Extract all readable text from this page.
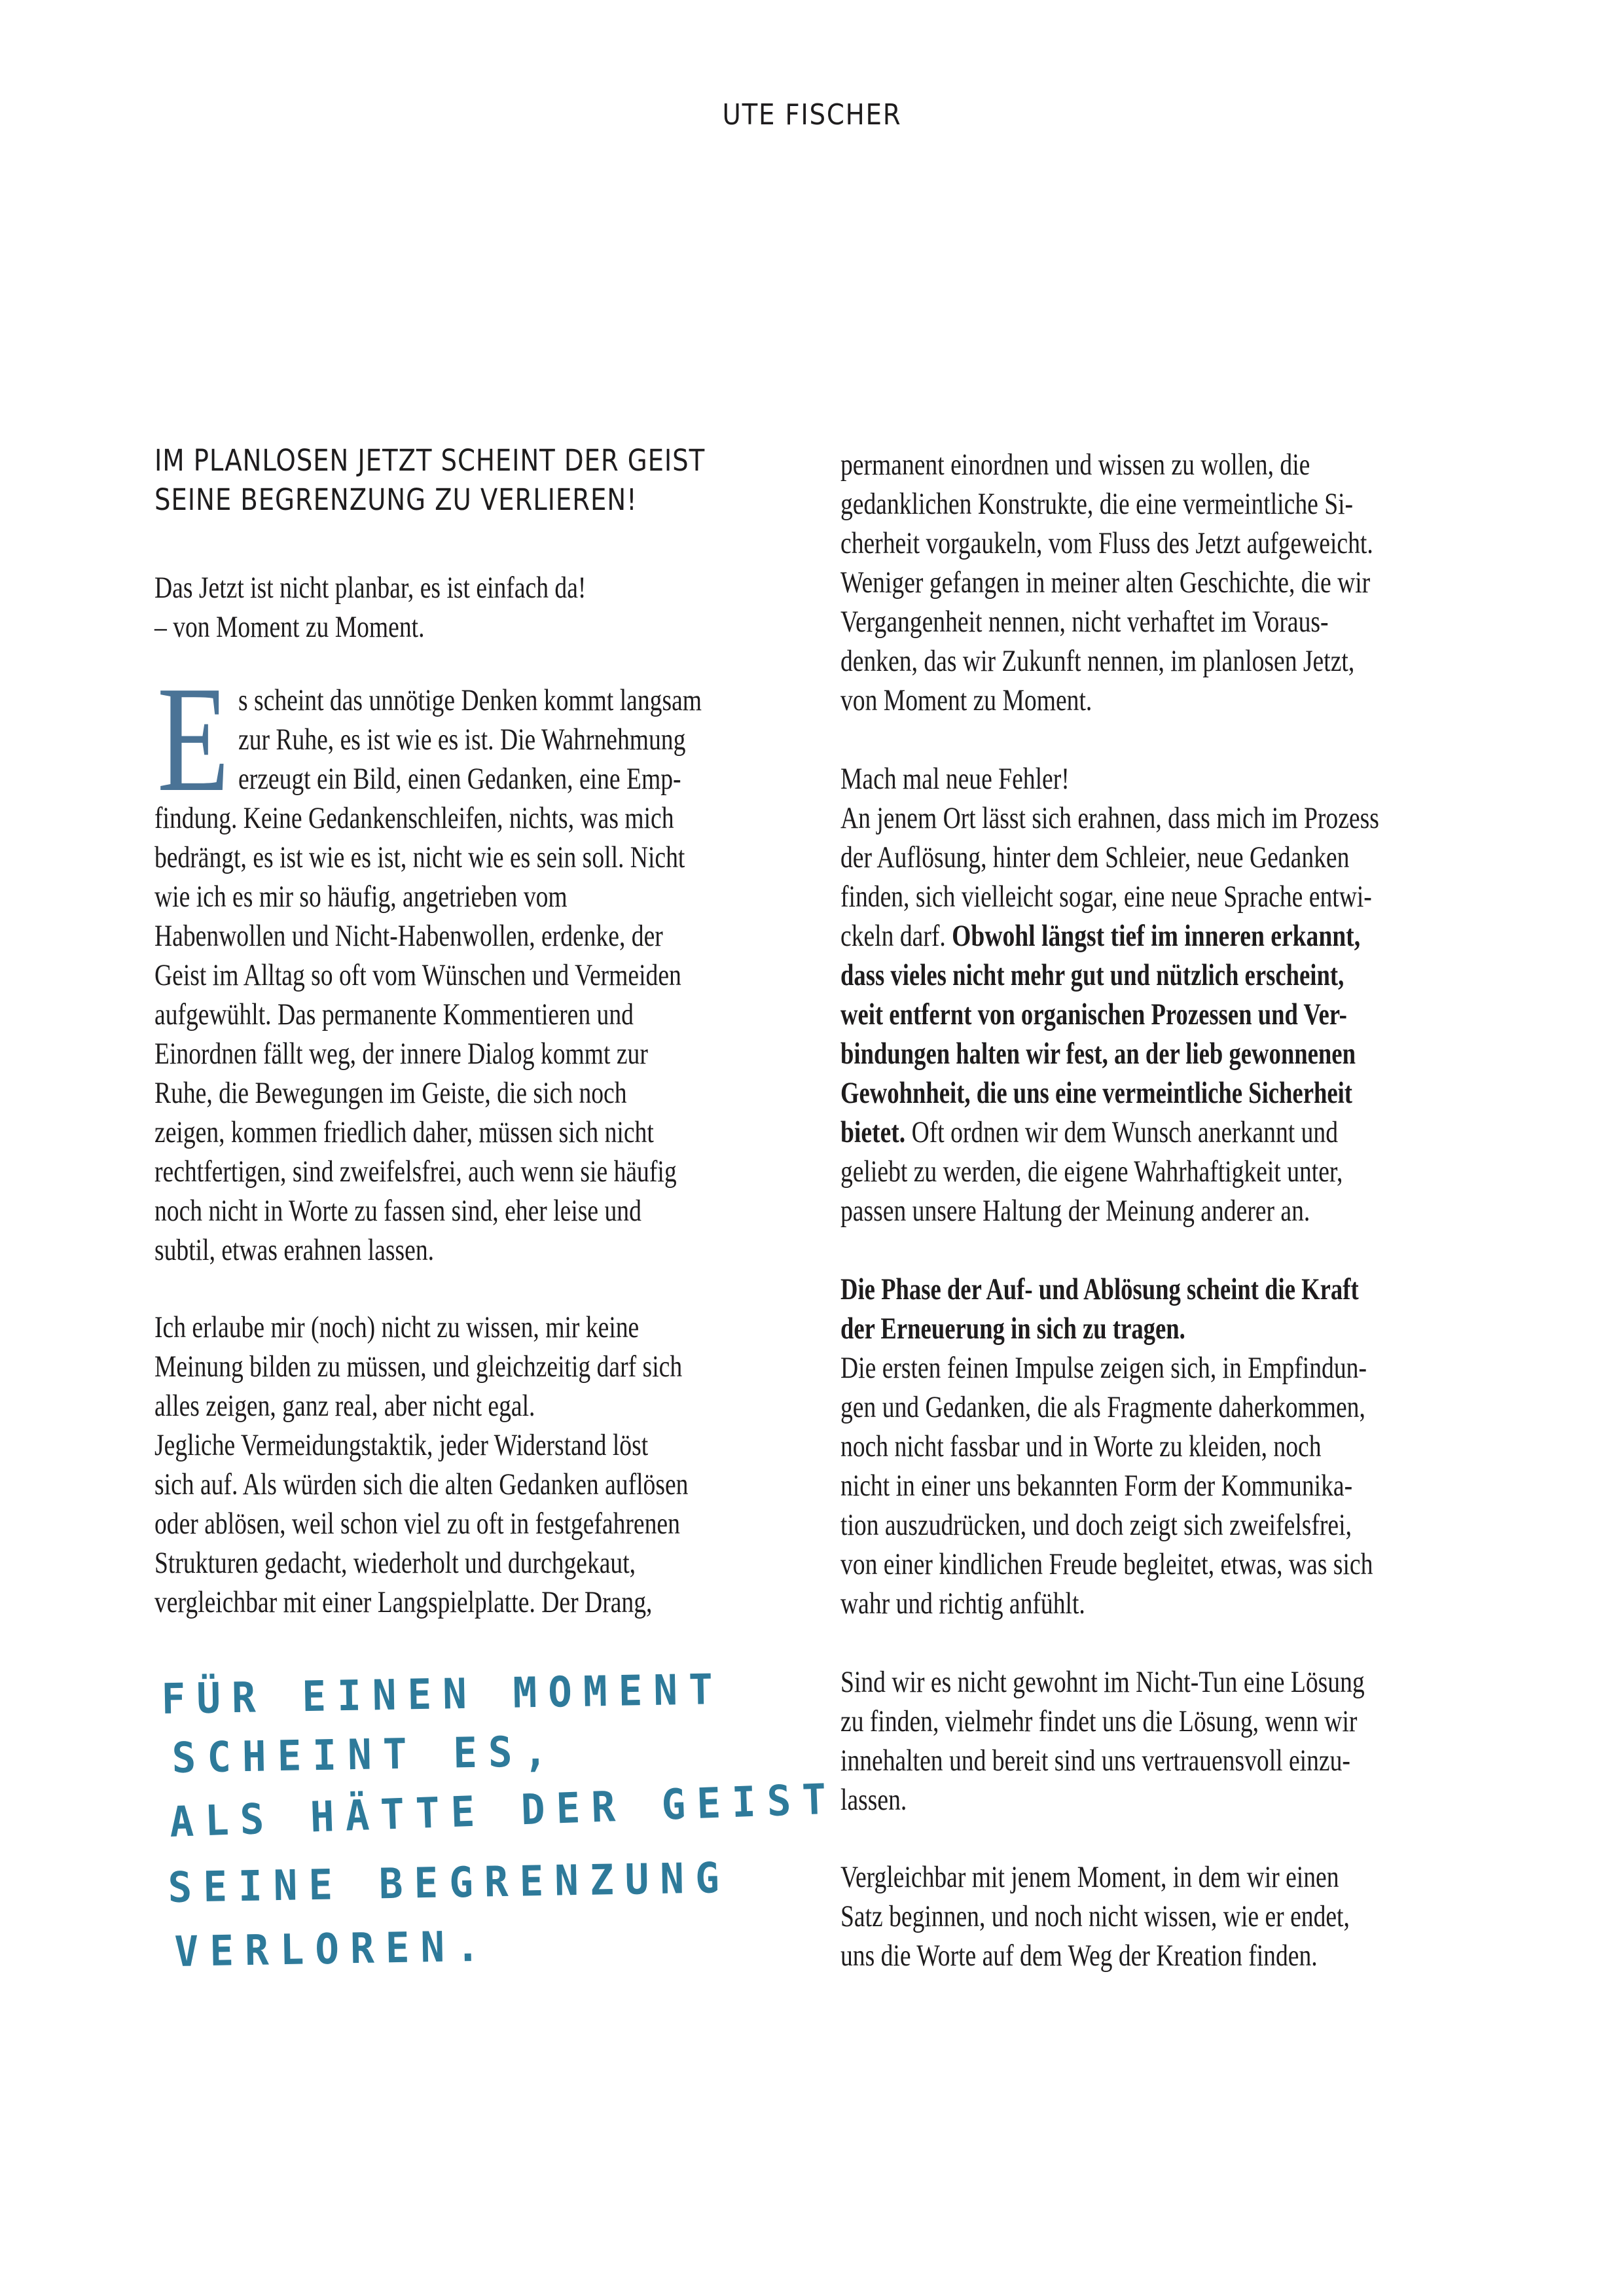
UTE FISCHER
IM PLANLOSEN JETZT SCHEINT DER GEIST
SEINE BEGRENZUNG ZU VERLIEREN!
Das Jetzt ist nicht planbar, es ist einfach da!
– von Moment zu Moment.
E s scheint das unnötige Denken kommt langsam
zur Ruhe, es ist wie es ist. Die Wahrnehmung
erzeugt ein Bild, einen Gedanken, eine Emp-
findung. Keine Gedankenschleifen, nichts, was mich
bedrängt, es ist wie es ist, nicht wie es sein soll. Nicht
wie ich es mir so häufig, angetrieben vom
Habenwollen und Nicht-Habenwollen, erdenke, der
Geist im Alltag so oft vom Wünschen und Vermeiden
aufgewühlt. Das permanente Kommentieren und
Einordnen fällt weg, der innere Dialog kommt zur
Ruhe, die Bewegungen im Geiste, die sich noch
zeigen, kommen friedlich daher, müssen sich nicht
rechtfertigen, sind zweifelsfrei, auch wenn sie häufig
noch nicht in Worte zu fassen sind, eher leise und
subtil, etwas erahnen lassen.
Ich erlaube mir (noch) nicht zu wissen, mir keine
Meinung bilden zu müssen, und gleichzeitig darf sich
alles zeigen, ganz real, aber nicht egal.
Jegliche Vermeidungstaktik, jeder Widerstand löst
sich auf. Als würden sich die alten Gedanken auflösen
oder ablösen, weil schon viel zu oft in festgefahrenen
Strukturen gedacht, wiederholt und durchgekaut,
vergleichbar mit einer Langspielplatte. Der Drang,
FÜR EINEN MOMENT
SCHEINT ES,
ALS HÄTTE DER GEIST
SEINE BEGRENZUNG
VERLOREN.
permanent einordnen und wissen zu wollen, die
gedanklichen Konstrukte, die eine vermeintliche Si-
cherheit vorgaukeln, vom Fluss des Jetzt aufgeweicht.
Weniger gefangen in meiner alten Geschichte, die wir
Vergangenheit nennen, nicht verhaftet im Voraus-
denken, das wir Zukunft nennen, im planlosen Jetzt,
von Moment zu Moment.
Mach mal neue Fehler!
An jenem Ort lässt sich erahnen, dass mich im Prozess
der Auflösung, hinter dem Schleier, neue Gedanken
finden, sich vielleicht sogar, eine neue Sprache entwi-
ckeln darf. Obwohl längst tief im inneren erkannt,
dass vieles nicht mehr gut und nützlich erscheint,
weit entfernt von organischen Prozessen und Ver-
bindungen halten wir fest, an der lieb gewonnenen
Gewohnheit, die uns eine vermeintliche Sicherheit
bietet. Oft ordnen wir dem Wunsch anerkannt und
geliebt zu werden, die eigene Wahrhaftigkeit unter,
passen unsere Haltung der Meinung anderer an.
Die Phase der Auf- und Ablösung scheint die Kraft
der Erneuerung in sich zu tragen.
Die ersten feinen Impulse zeigen sich, in Empfindun-
gen und Gedanken, die als Fragmente daherkommen,
noch nicht fassbar und in Worte zu kleiden, noch
nicht in einer uns bekannten Form der Kommunika-
tion auszudrücken, und doch zeigt sich zweifelsfrei,
von einer kindlichen Freude begleitet, etwas, was sich
wahr und richtig anfühlt.
Sind wir es nicht gewohnt im Nicht-Tun eine Lösung
zu finden, vielmehr findet uns die Lösung, wenn wir
innehalten und bereit sind uns vertrauensvoll einzu-
lassen.
Vergleichbar mit jenem Moment, in dem wir einen
Satz beginnen, und noch nicht wissen, wie er endet,
uns die Worte auf dem Weg der Kreation finden.
